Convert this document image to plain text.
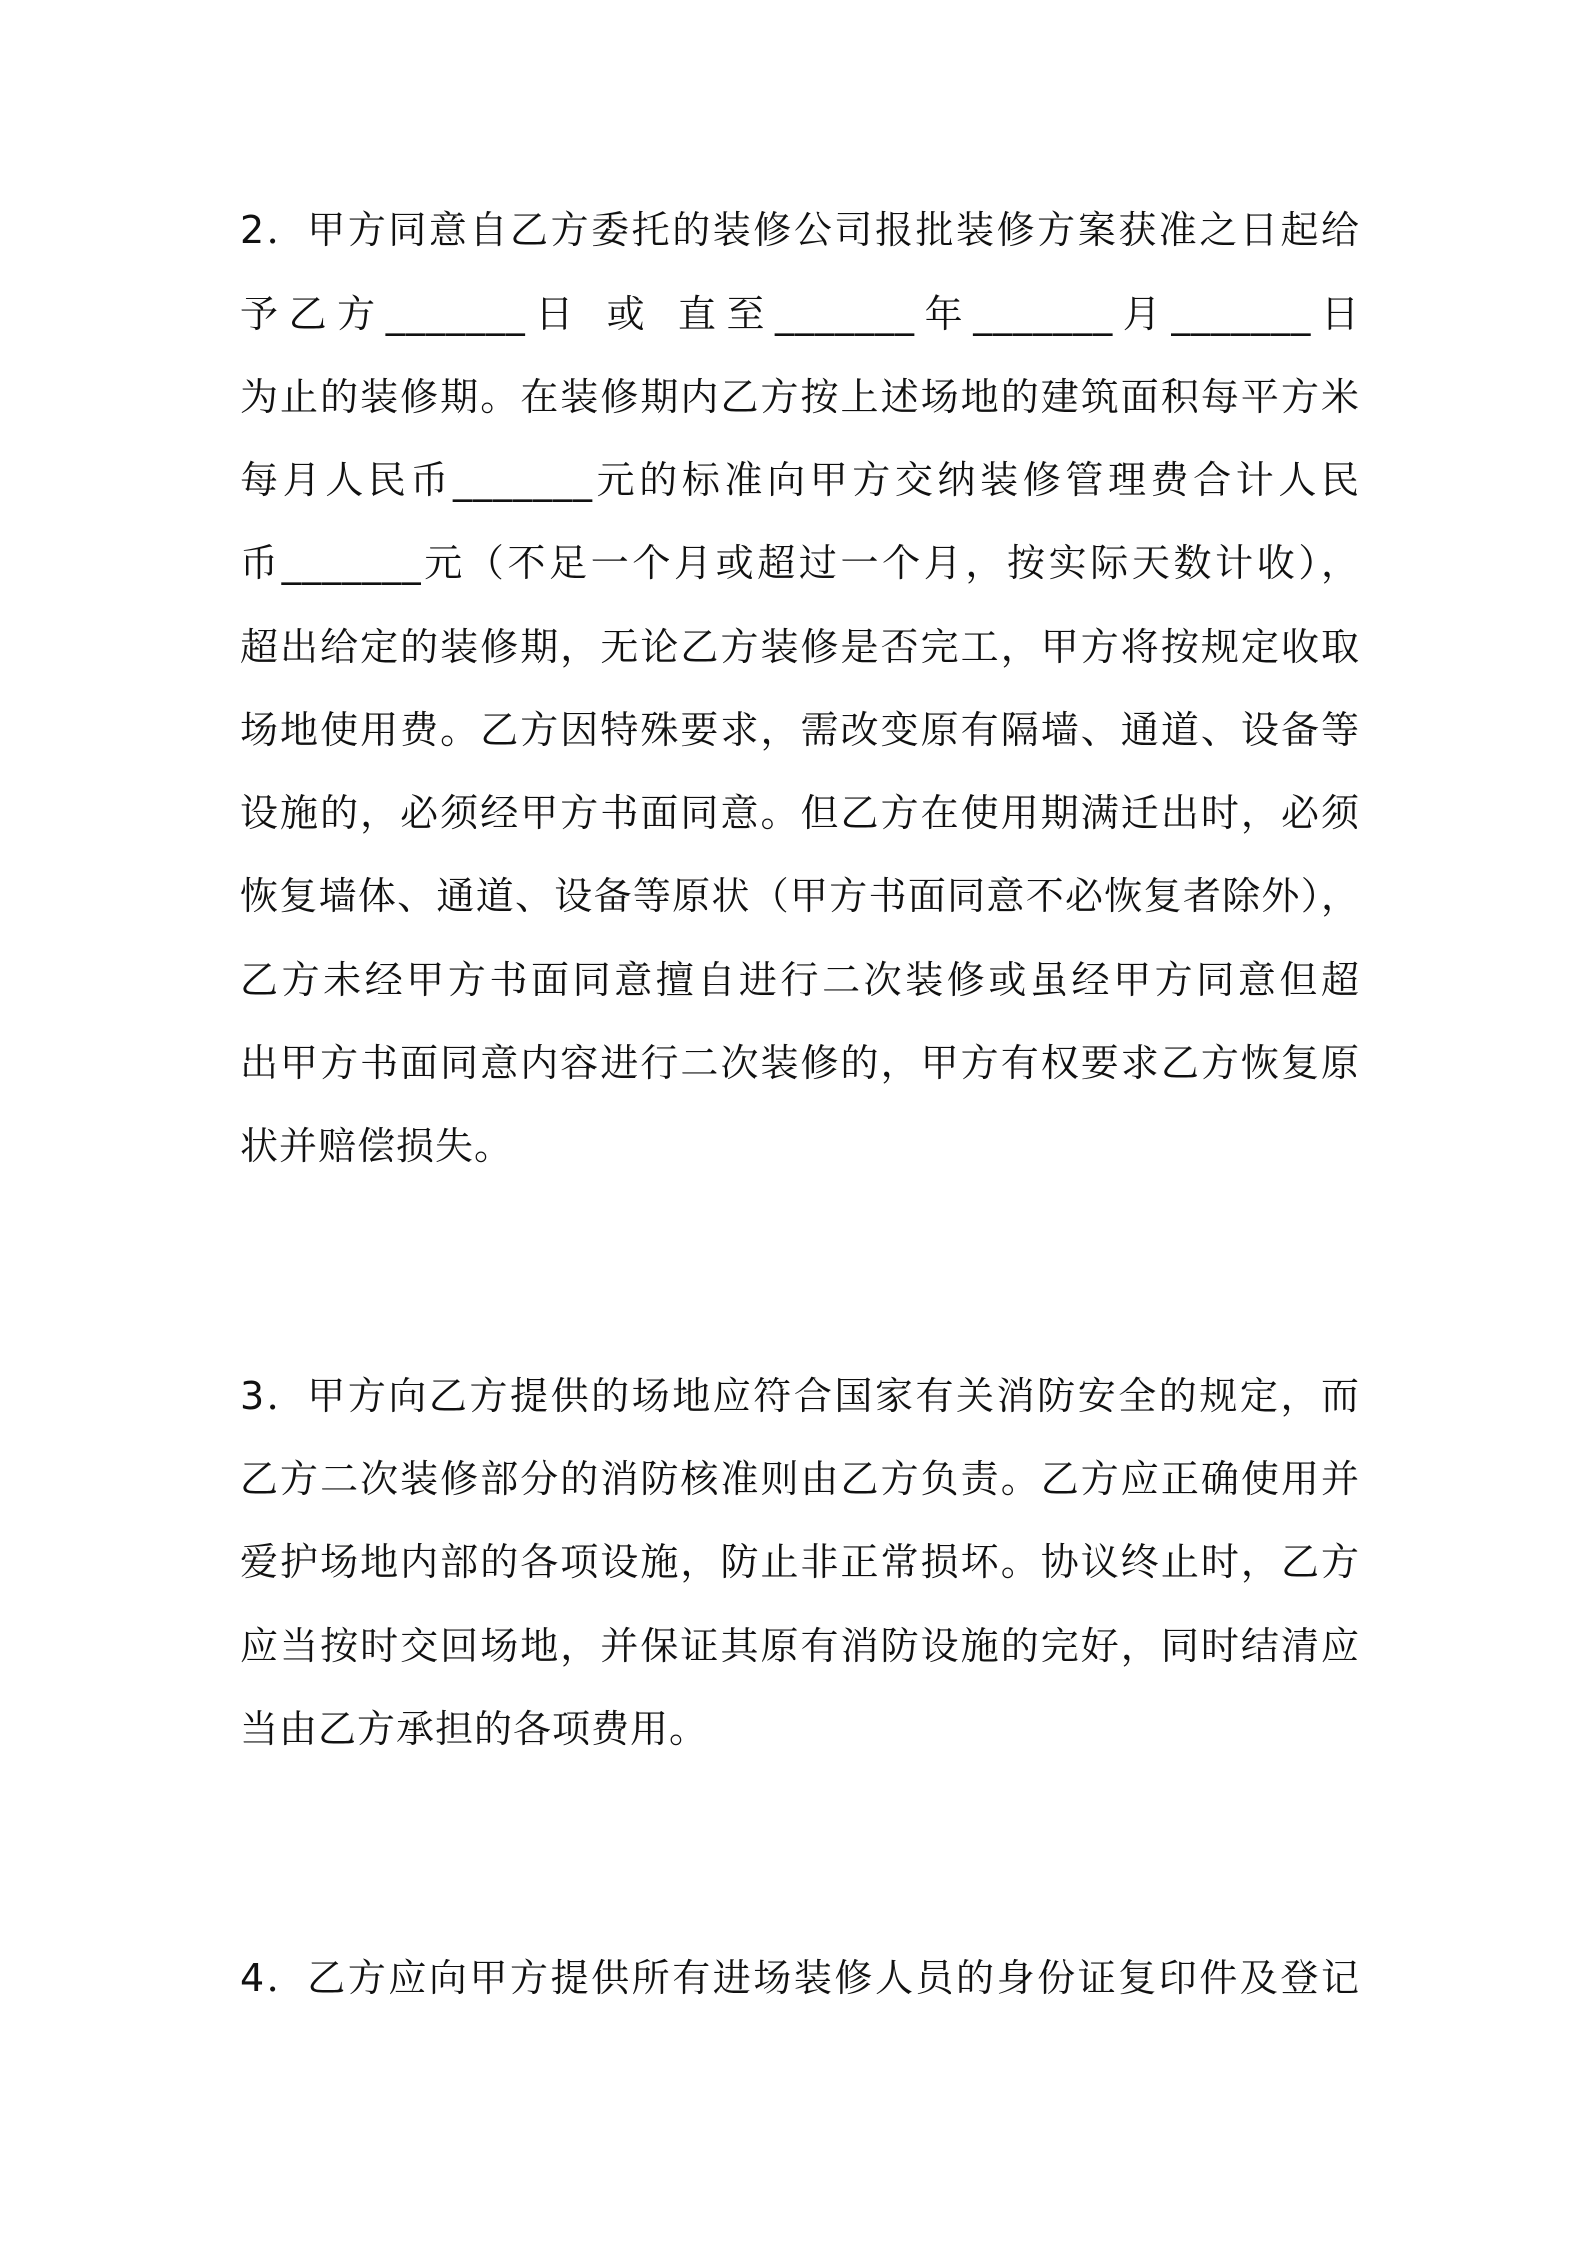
2．甲方同意自乙方委托的装修公司报批装修方案获准之日起给
予乙方_______日 或 直至_______年_______月_______日
为止的装修期。在装修期内乙方按上述场地的建筑面积每平方米
每月人民币_______元的标准向甲方交纳装修管理费合计人民
币_______元（不足一个月或超过一个月，按实际天数计收），
超出给定的装修期，无论乙方装修是否完工，甲方将按规定收取
场地使用费。乙方因特殊要求，需改变原有隔墙、通道、设备等
设施的，必须经甲方书面同意。但乙方在使用期满迁出时，必须
恢复墙体、通道、设备等原状（甲方书面同意不必恢复者除外），
乙方未经甲方书面同意擅自进行二次装修或虽经甲方同意但超
出甲方书面同意内容进行二次装修的，甲方有权要求乙方恢复原
状并赔偿损失。
3．甲方向乙方提供的场地应符合国家有关消防安全的规定，而
乙方二次装修部分的消防核准则由乙方负责。乙方应正确使用并
爱护场地内部的各项设施，防止非正常损坏。协议终止时，乙方
应当按时交回场地，并保证其原有消防设施的完好，同时结清应
当由乙方承担的各项费用。
4．乙方应向甲方提供所有进场装修人员的身份证复印件及登记
